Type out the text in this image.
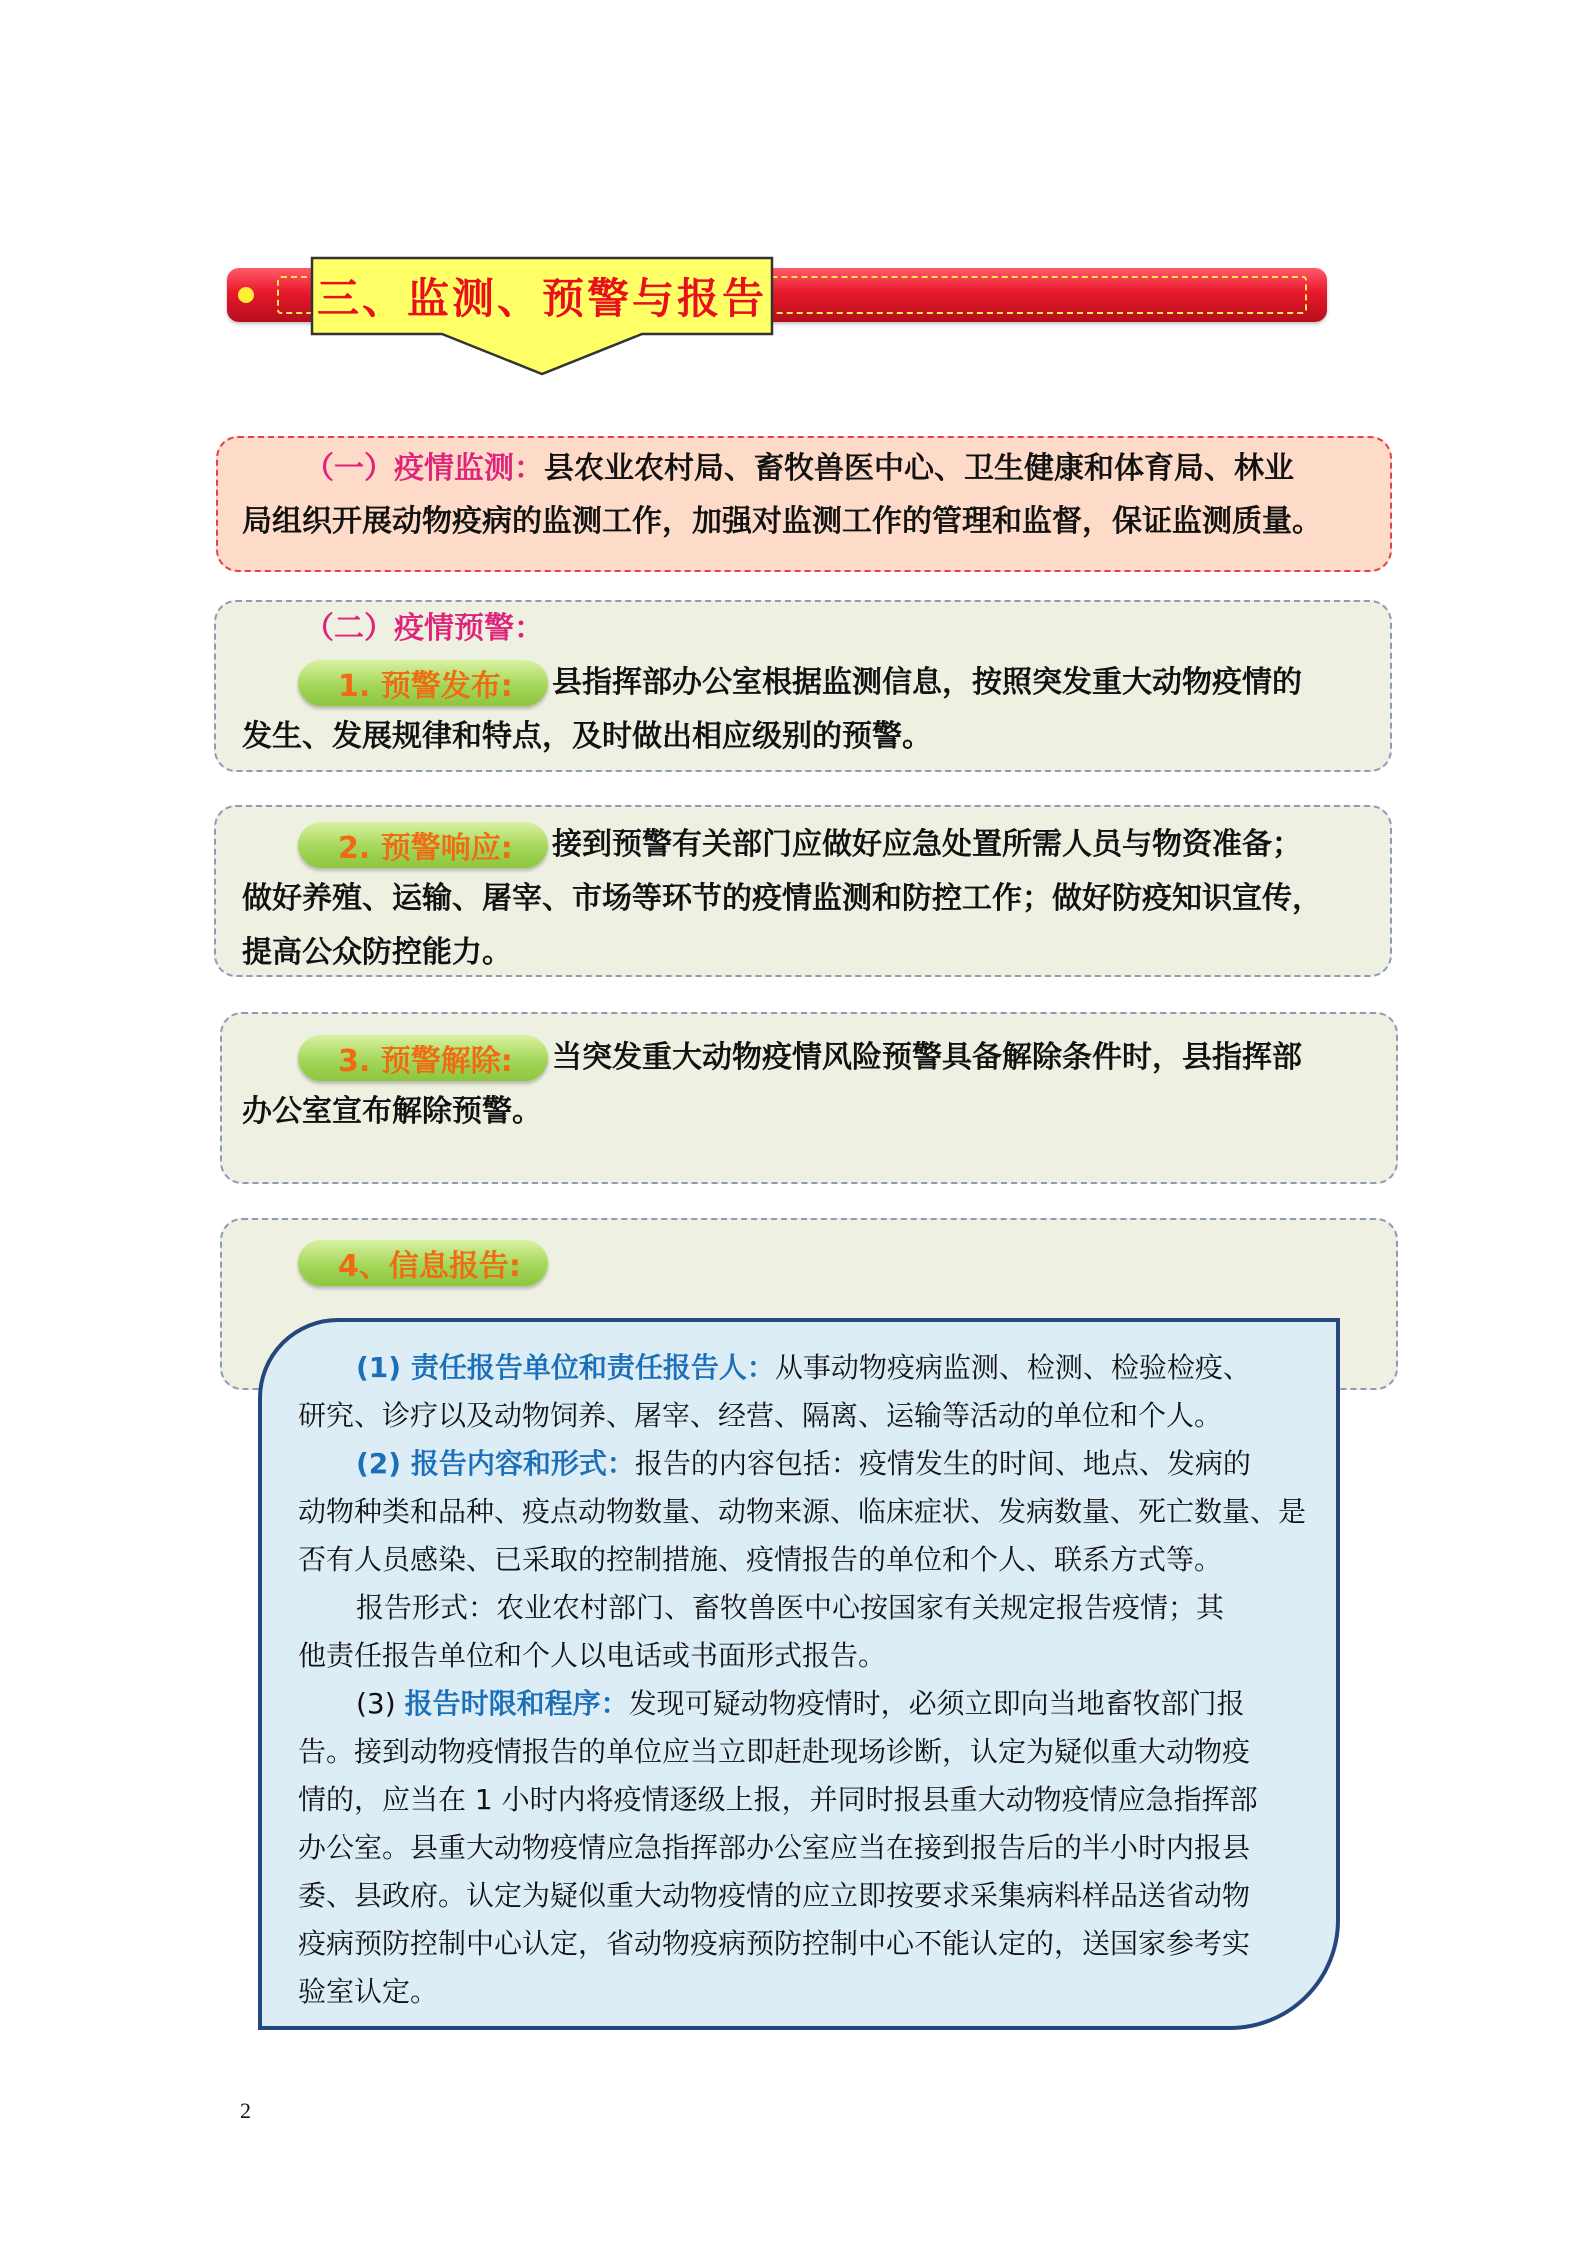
三、监测、预警与报告
（一）疫情监测：县农业农村局、畜牧兽医中心、卫生健康和体育局、林业
局组织开展动物疫病的监测工作，加强对监测工作的管理和监督，保证监测质量。
（二）疫情预警：
1. 预警发布:	县指挥部办公室根据监测信息，按照突发重大动物疫情的
发生、发展规律和特点，及时做出相应级别的预警。
2. 预警响应:	接到预警有关部门应做好应急处置所需人员与物资准备；
做好养殖、运输、屠宰、市场等环节的疫情监测和防控工作；做好防疫知识宣传，
提高公众防控能力。
3. 预警解除:	当突发重大动物疫情风险预警具备解除条件时，县指挥部
办公室宣布解除预警。
4、信息报告:
(1) 责任报告单位和责任报告人：从事动物疫病监测、检测、检验检疫、
研究、诊疗以及动物饲养、屠宰、经营、隔离、运输等活动的单位和个人。
(2) 报告内容和形式：报告的内容包括：疫情发生的时间、地点、发病的
动物种类和品种、疫点动物数量、动物来源、临床症状、发病数量、死亡数量、是
否有人员感染、已采取的控制措施、疫情报告的单位和个人、联系方式等。
报告形式：农业农村部门、畜牧兽医中心按国家有关规定报告疫情；其
他责任报告单位和个人以电话或书面形式报告。
(3) 报告时限和程序：发现可疑动物疫情时，必须立即向当地畜牧部门报
告。接到动物疫情报告的单位应当立即赶赴现场诊断，认定为疑似重大动物疫
情的，应当在 1 小时内将疫情逐级上报，并同时报县重大动物疫情应急指挥部
办公室。县重大动物疫情应急指挥部办公室应当在接到报告后的半小时内报县
委、县政府。认定为疑似重大动物疫情的应立即按要求采集病料样品送省动物
疫病预防控制中心认定，省动物疫病预防控制中心不能认定的，送国家参考实
验室认定。
2
